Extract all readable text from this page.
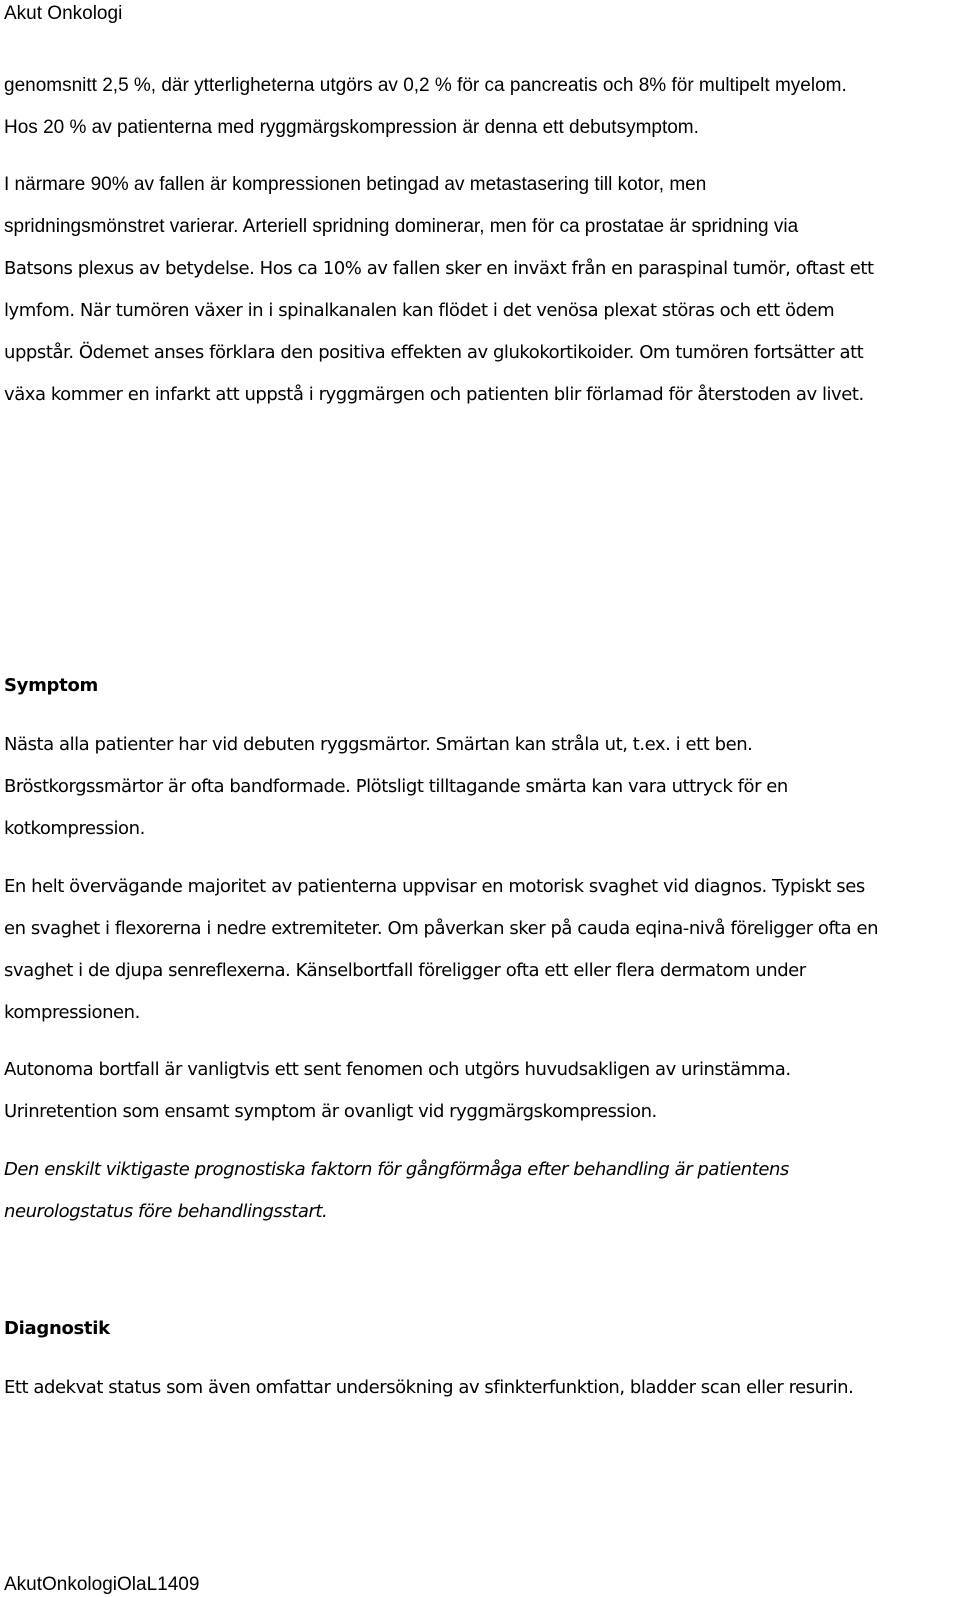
Akut Onkologi
genomsnitt 2,5 %, där ytterligheterna utgörs av 0,2 % för ca pancreatis och 8% för multipelt myelom.
Hos 20 % av patienterna med ryggmärgskompression är denna ett debutsymptom.
I närmare 90% av fallen är kompressionen betingad av metastasering till kotor, men
spridningsmönstret varierar. Arteriell spridning dominerar, men för ca prostatae är spridning via
Batsons plexus av betydelse. Hos ca 10% av fallen sker en inväxt från en paraspinal tumör, oftast ett
lymfom. När tumören växer in i spinalkanalen kan flödet i det venösa plexat störas och ett ödem
uppstår. Ödemet anses förklara den positiva effekten av glukokortikoider. Om tumören fortsätter att
växa kommer en infarkt att uppstå i ryggmärgen och patienten blir förlamad för återstoden av livet.
Symptom
Nästa alla patienter har vid debuten ryggsmärtor. Smärtan kan stråla ut, t.ex. i ett ben.
Bröstkorgssmärtor är ofta bandformade. Plötsligt tilltagande smärta kan vara uttryck för en
kotkompression.
En helt övervägande majoritet av patienterna uppvisar en motorisk svaghet vid diagnos. Typiskt ses
en svaghet i flexorerna i nedre extremiteter. Om påverkan sker på cauda eqina-nivå föreligger ofta en
svaghet i de djupa senreflexerna. Känselbortfall föreligger ofta ett eller flera dermatom under
kompressionen.
Autonoma bortfall är vanligtvis ett sent fenomen och utgörs huvudsakligen av urinstämma.
Urinretention som ensamt symptom är ovanligt vid ryggmärgskompression.
Den enskilt viktigaste prognostiska faktorn för gångförmåga efter behandling är patientens
neurologstatus före behandlingsstart.
Diagnostik
Ett adekvat status som även omfattar undersökning av sfinkterfunktion, bladder scan eller resurin.
AkutOnkologiOlaL1409
